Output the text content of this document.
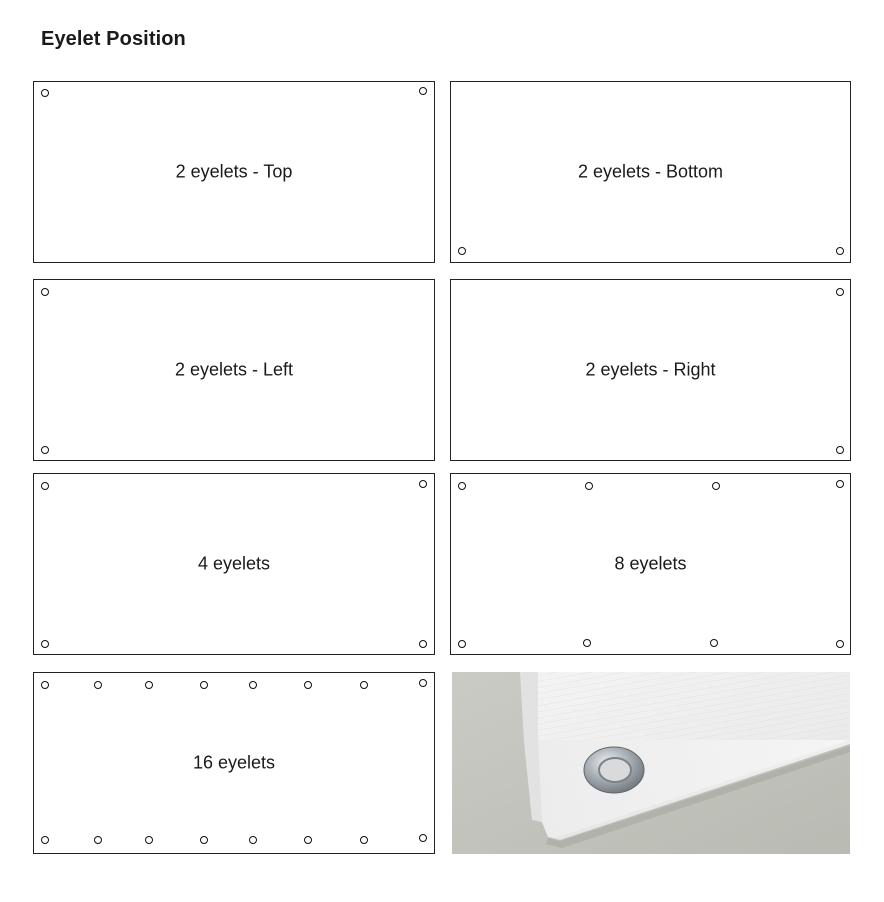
Eyelet Position
2 eyelets - Top	2 eyelets - Bottom
2 eyelets - Left	2 eyelets - Right
4 eyelets	8 eyelets
16 eyelets
